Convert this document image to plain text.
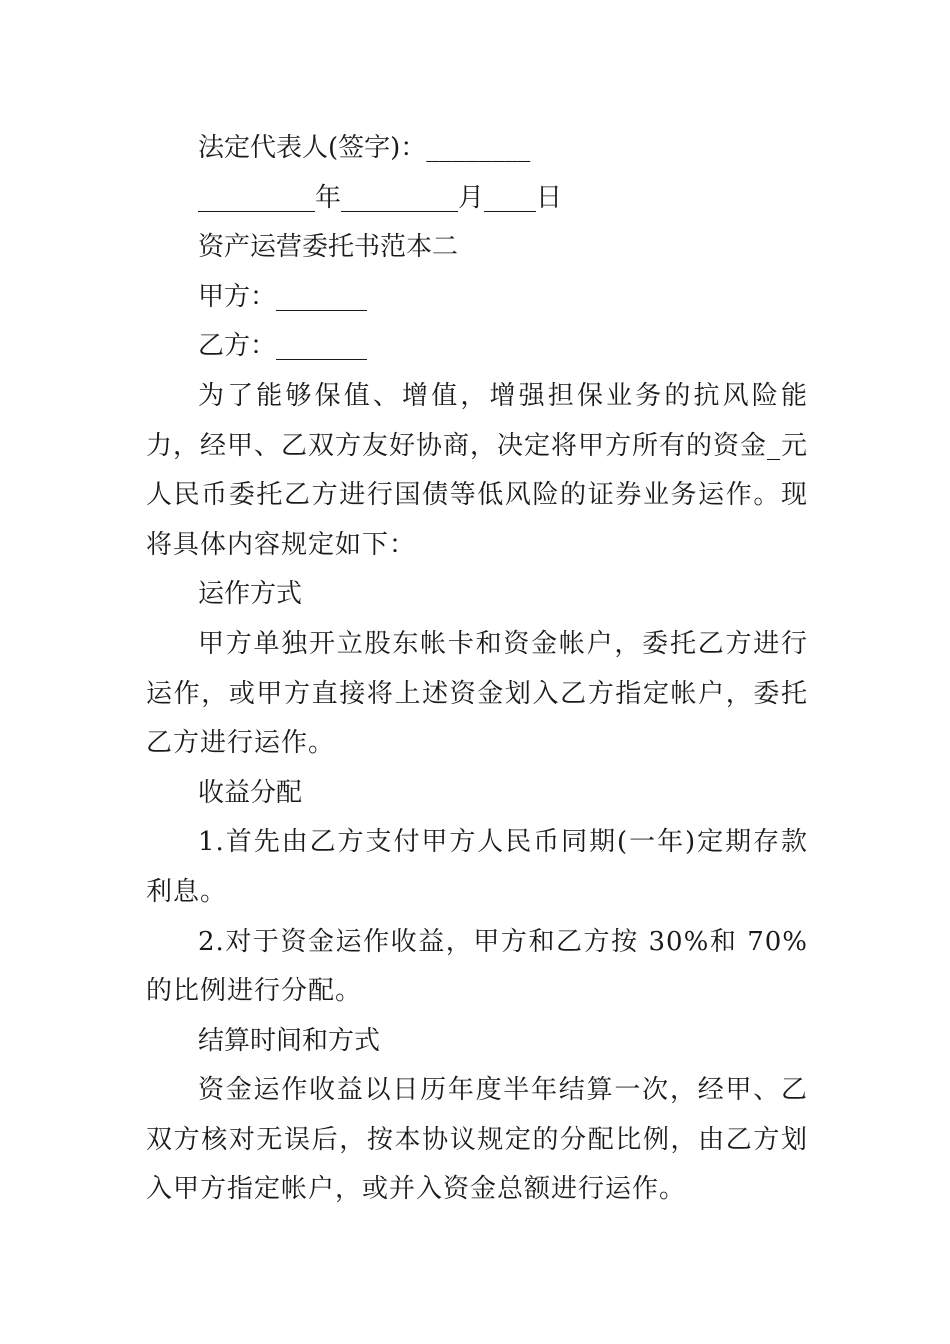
法定代表人(签字)：________

_________年_________月____日

资产运营委托书范本二

甲方：_______

乙方：_______

为了能够保值、增值，增强担保业务的抗风险能力，经甲、乙双方友好协商，决定将甲方所有的资金_元人民币委托乙方进行国债等低风险的证券业务运作。现将具体内容规定如下：

运作方式

甲方单独开立股东帐卡和资金帐户，委托乙方进行运作，或甲方直接将上述资金划入乙方指定帐户，委托乙方进行运作。

收益分配

1.首先由乙方支付甲方人民币同期(一年)定期存款利息。

2.对于资金运作收益，甲方和乙方按 30%和 70%的比例进行分配。

结算时间和方式

资金运作收益以日历年度半年结算一次，经甲、乙双方核对无误后，按本协议规定的分配比例，由乙方划入甲方指定帐户，或并入资金总额进行运作。
